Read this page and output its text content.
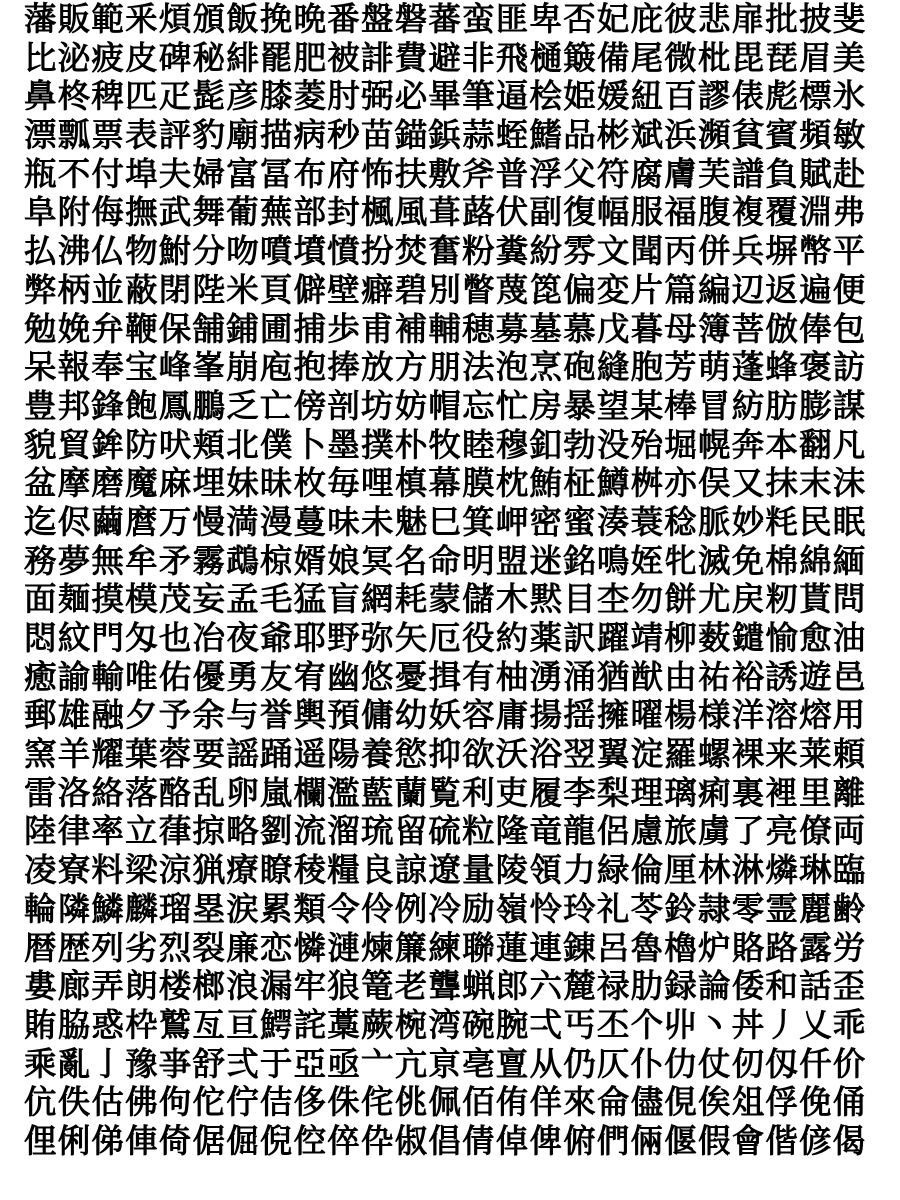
藩販範釆煩頒飯挽晩番盤磐蕃蛮匪卑否妃庇彼悲扉批披斐
比泌疲皮碑秘緋罷肥被誹費避非飛樋簸備尾微枇毘琵眉美
鼻柊稗匹疋髭彦膝菱肘弼必畢筆逼桧姫媛紐百謬俵彪標氷
漂瓢票表評豹廟描病秒苗錨鋲蒜蛭鰭品彬斌浜瀕貧賓頻敏
瓶不付埠夫婦富冨布府怖扶敷斧普浮父符腐膚芙譜負賦赴
阜附侮撫武舞葡蕪部封楓風葺蕗伏副復幅服福腹複覆淵弗
払沸仏物鮒分吻噴墳憤扮焚奮粉糞紛雰文聞丙併兵塀幣平
弊柄並蔽閉陛米頁僻壁癖碧別瞥蔑箆偏変片篇編辺返遍便
勉娩弁鞭保舗鋪圃捕歩甫補輔穂募墓慕戊暮母簿菩倣俸包
呆報奉宝峰峯崩庖抱捧放方朋法泡烹砲縫胞芳萌蓬蜂褒訪
豊邦鋒飽鳳鵬乏亡傍剖坊妨帽忘忙房暴望某棒冒紡肪膨謀
貌貿鉾防吠頬北僕卜墨撲朴牧睦穆釦勃没殆堀幌奔本翻凡
盆摩磨魔麻埋妹昧枚毎哩槙幕膜枕鮪柾鱒桝亦俣又抹末沫
迄侭繭麿万慢満漫蔓味未魅巳箕岬密蜜湊蓑稔脈妙粍民眠
務夢無牟矛霧鵡椋婿娘冥名命明盟迷銘鳴姪牝滅免棉綿緬
面麺摸模茂妄孟毛猛盲網耗蒙儲木黙目杢勿餅尤戻籾貰問
悶紋門匁也冶夜爺耶野弥矢厄役約薬訳躍靖柳薮鑓愉愈油
癒諭輸唯佑優勇友宥幽悠憂揖有柚湧涌猶猷由祐裕誘遊邑
郵雄融夕予余与誉輿預傭幼妖容庸揚揺擁曜楊様洋溶熔用
窯羊耀葉蓉要謡踊遥陽養慾抑欲沃浴翌翼淀羅螺裸来莱頼
雷洛絡落酪乱卵嵐欄濫藍蘭覧利吏履李梨理璃痢裏裡里離
陸律率立葎掠略劉流溜琉留硫粒隆竜龍侶慮旅虜了亮僚両
凌寮料梁涼猟療瞭稜糧良諒遼量陵領力緑倫厘林淋燐琳臨
輪隣鱗麟瑠塁涙累類令伶例冷励嶺怜玲礼苓鈴隷零霊麗齢
暦歴列劣烈裂廉恋憐漣煉簾練聯蓮連錬呂魯櫓炉賂路露労
婁廊弄朗楼榔浪漏牢狼篭老聾蝋郎六麓禄肋録論倭和話歪
賄脇惑枠鷲亙亘鰐詫藁蕨椀湾碗腕弌丐丕个丱丶丼丿乂乖
乘亂亅豫亊舒弍于亞亟亠亢亰亳亶从仍仄仆仂仗仞仭仟价
伉佚估佛佝佗佇佶侈侏侘佻佩佰侑佯來侖儘俔俟俎俘俛俑
俚俐俤俥倚倨倔倪倥倅伜俶倡倩倬俾俯們倆偃假會偕偐偈
